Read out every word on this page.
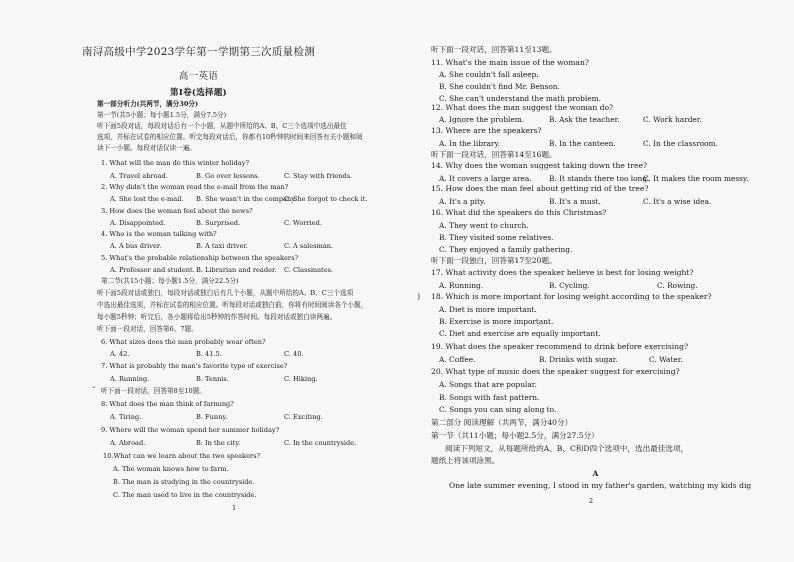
南浔高级中学2023学年第一学期第三次质量检测
高一英语
第Ⅰ卷(选择题)
第一部分听力(共两节，满分30分)
第一节(共5小题；每小题1.5分，满分7.5分)
听下面5段对话，每段对话后有一个小题，从题中所给的A、B、C三个选项中选出最佳
选项，并标在试卷的相应位置。听完每段对话后，你都有10秒钟的时间来回答有关小题和阅
读下一小题。每段对话仅读一遍。
1. What will the man do this winter holiday?
A. Travel abroad.	B. Go over lessons.	C. Stay with friends.
2. Why didn't the woman read the e-mail from the man?
A. She lost the e-mail. B. She wasn't in the company.
C. She forgot to check it.
3. How does the woman feel about the news?
A. Disappointed.	B. Surprised.	C. Worried.
4. Who is the woman talking with?
A. A bus driver.	B. A taxi driver.	C. A salesman.
5. What's the probable relationship between the speakers?
A. Professor and student. B. Librarian and reader. C. Classmates.
第二节(共15小题；每小题1.5分，满分22.5分)
听下面5段对话或独白，每段对话或独白后有几个小题，从题中所给的A、B、C三个选项
中选出最佳选项，并标在试卷的相应位置。听每段对话或独白前，你将有时间阅读各个小题，
每小题5秒钟；听完后，各小题将给出5秒钟的作答时间。每段对话或独白读两遍。
听下面一段对话，回答第6、7题。
6. What sizes does the man probably wear often?
A. 42.	B. 41.5.	C. 40.
7. What is probably the man's favorite type of exercise?
A. Running.	B. Tennis.	C. Hiking.
ˇ 听下面一段对话，回答第8至10题。
8. What does the man think of farming?
A. Tiring.	B. Funny.	C. Exciting.
9. Where will the woman spend her summer holiday?
A. Abroad.	B. In the city.	C. In the countryside.
10.What can we learn about the two speakers?
A. The woman knows how to farm.
B. The man is studying in the countryside.
C. The man used to live in the countryside.
1
听下面一段对话，回答第11至13题。
11. What's the main issue of the woman?
A. She couldn't fall asleep.
B. She couldn't find Mr. Benson.
C. She can't understand the math problem.
12. What does the man suggest the woman do?
A. Ignore the problem.	B. Ask the teacher.	C. Work harder.
13. Where are the speakers?
A. In the library.	B. In the canteen.	C. In the classroom.
听下面一段对话，回答第14至16题。
14. Why does the woman suggest taking down the tree?
A. It covers a large area. B. It stands there too long.
C. It makes the room messy.
15. How does the man feel about getting rid of the tree?
A. It's a pity.	B. It's a must.	C. It's a wise idea.
16. What did the speakers do this Christmas?
A. They went to church.
B. They visited some relatives.
C. They enjoyed a family gathering.
听下面一段独白，回答第17至20题。
17. What activity does the speaker believe is best for losing weight?
A. Running.	B. Cycling.	C. Rowing.
) 18. Which is more important for losing weight according to the speaker?
A. Diet is more important.
B. Exercise is more important.
C. Diet and exercise are equally important.
19. What does the speaker recommend to drink before exercising?
A. Coffee.	B. Drinks with sugar.	C. Water.
20. What type of music does the speaker suggest for exercising?
A. Songs that are popular.
B. Songs with fast pattern.
C. Songs you can sing along to.
第二部分 阅读理解（共两节，满分40分）
第一节（共11小题；每小题2.5分，满分27.5分）
阅读下列短文，从每题所给的A、B、C和D四个选项中，选出最佳选项，
题纸上将该项涂黑。
A
One late summer evening, I stood in my father's garden, watching my kids dig
2
